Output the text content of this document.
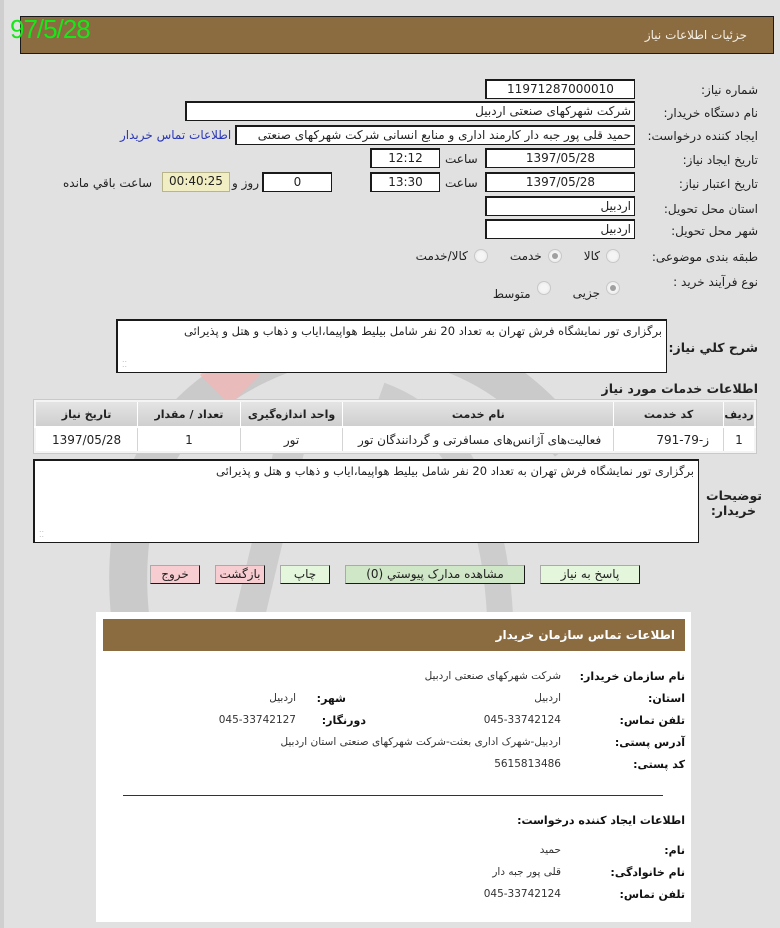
جزئیات اطلاعات نیاز
97/5/28
شماره نیاز:
11971287000010
نام دستگاه خریدار:
شرکت شهرکهای صنعتی اردبیل
ایجاد کننده درخواست:
حمید قلی پور جبه دار کارمند اداری و منابع انسانی شرکت شهرکهای صنعتی
اطلاعات تماس خریدار
تاریخ ایجاد نیاز:
1397/05/28
ساعت
12:12
تاریخ اعتبار نیاز:
1397/05/28
ساعت
13:30
0
روز و
00:40:25
ساعت باقي مانده
استان محل تحویل:
اردبیل
شهر محل تحویل:
اردبیل
طبقه بندی موضوعی:
کالا
خدمت
کالا/خدمت
نوع فرآیند خرید :
جزیی
متوسط
شرح کلي نیاز:
برگزاری تور نمایشگاه فرش تهران به تعداد 20 نفر شامل بیلیط هواپیما،ایاب و ذهاب و هتل و پذیرائی
⁚⁚
اطلاعات خدمات مورد نیاز
ردیف	کد خدمت	نام خدمت	واحد اندازه‌گیری	تعداد / مقدار	تاریخ نیاز
1	ز-79-791	فعالیت‌های آژانس‌های مسافرتی و گردانندگان تور	تور	1	1397/05/28
توضیحات
خریدار:
برگزاری تور نمایشگاه فرش تهران به تعداد 20 نفر شامل بیلیط هواپیما،ایاب و ذهاب و هتل و پذیرائی
⁚⁚
پاسخ به نیاز
مشاهده مدارک پیوستي (0)
چاپ
بازگشت
خروج
اطلاعات تماس سازمان خریدار
نام سازمان خریدار:
شرکت شهرکهای صنعتی اردبیل
استان:
اردبیل
شهر:
اردبیل
تلفن تماس:
045-33742124
دورنگار:
045-33742127
آدرس پستی:
اردبیل-شهرک اداری بعثت-شرکت شهرکهای صنعتی استان اردبیل
کد پستی:
5615813486
اطلاعات ایجاد کننده درخواست:
نام:
حمید
نام خانوادگی:
قلی پور جبه دار
تلفن تماس:
045-33742124
